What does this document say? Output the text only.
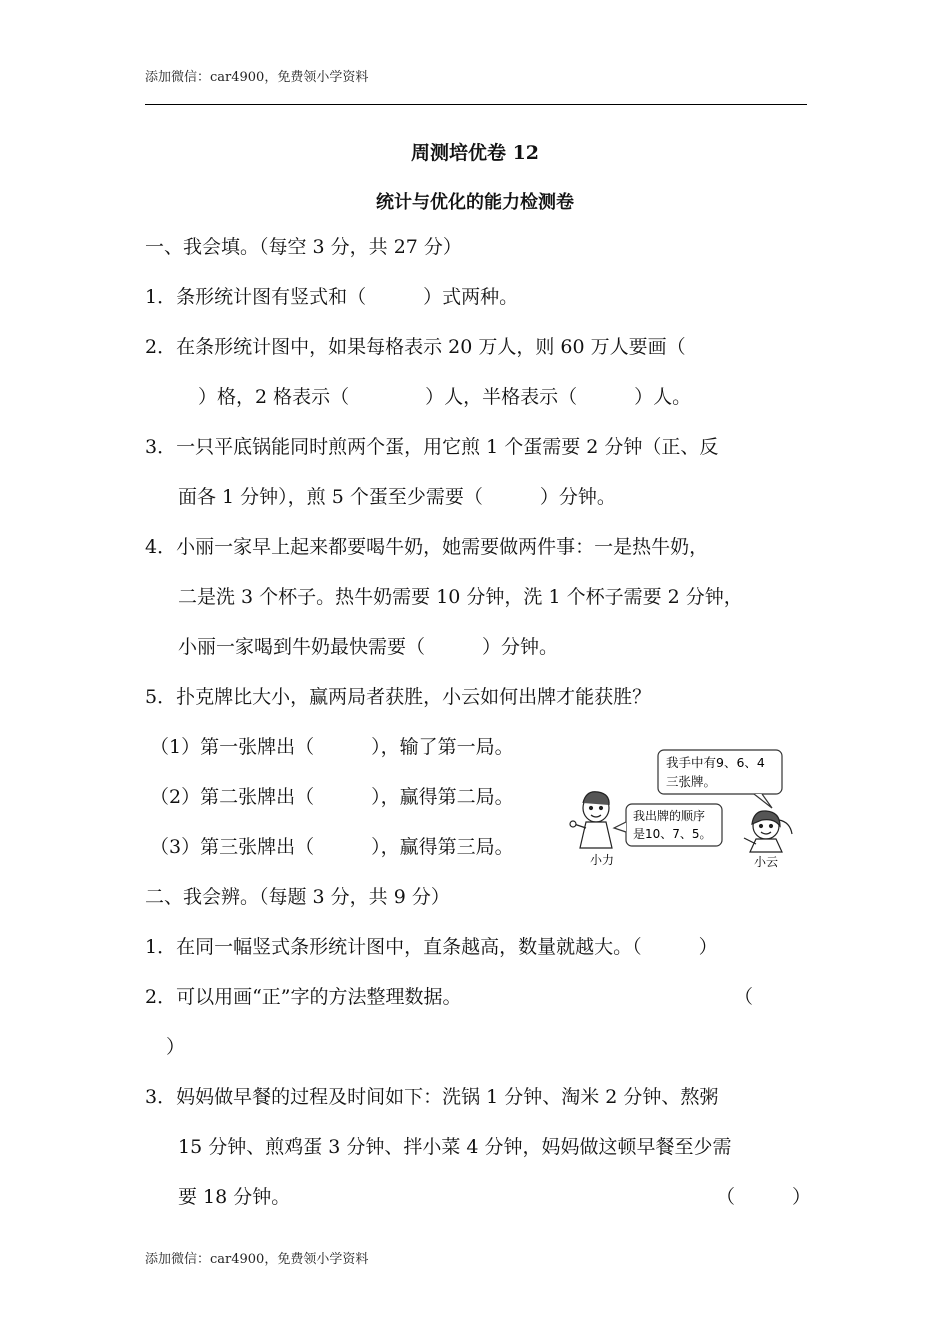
添加微信：car4900，免费领小学资料
周测培优卷 12
统计与优化的能力检测卷
一、我会填。（每空 3 分，共 27 分）
1．条形统计图有竖式和（　　　）式两种。
2．在条形统计图中，如果每格表示 20 万人，则 60 万人要画（
）格，2 格表示（　　　　）人，半格表示（　　　）人。
3．一只平底锅能同时煎两个蛋，用它煎 1 个蛋需要 2 分钟（正、反
面各 1 分钟），煎 5 个蛋至少需要（　　　）分钟。
4．小丽一家早上起来都要喝牛奶，她需要做两件事：一是热牛奶，
二是洗 3 个杯子。热牛奶需要 10 分钟，洗 1 个杯子需要 2 分钟，
小丽一家喝到牛奶最快需要（　　　）分钟。
5．扑克牌比大小，赢两局者获胜，小云如何出牌才能获胜？
（1）第一张牌出（　　　），输了第一局。
（2）第二张牌出（　　　），赢得第二局。
（3）第三张牌出（　　　），赢得第三局。
我手中有9、6、4
三张牌。
我出牌的顺序
是10、7、5。
小力	小云
二、我会辨。（每题 3 分，共 9 分）
1．在同一幅竖式条形统计图中，直条越高，数量就越大。（　　　）
2．可以用画“正”字的方法整理数据。	（
）
3．妈妈做早餐的过程及时间如下：洗锅 1 分钟、淘米 2 分钟、熬粥
15 分钟、煎鸡蛋 3 分钟、拌小菜 4 分钟，妈妈做这顿早餐至少需
要 18 分钟。	（　　　）
添加微信：car4900，免费领小学资料
